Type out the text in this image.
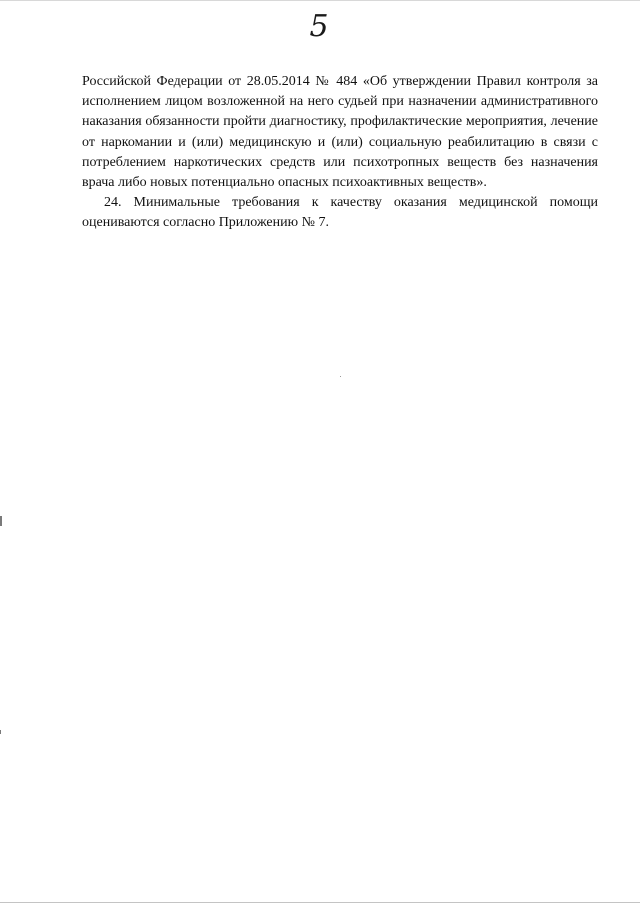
5

Российской Федерации от 28.05.2014 № 484 «Об утверждении Правил контроля за исполнением лицом возложенной на него судьей при назначении административного наказания обязанности пройти диагностику, профилактические мероприятия, лечение от наркомании и (или) медицинскую и (или) социальную реабилитацию в связи с потреблением наркотических средств или психотропных веществ без назначения врача либо новых потенциально опасных психоактивных веществ».

24. Минимальные требования к качеству оказания медицинской помощи оцениваются согласно Приложению № 7.
